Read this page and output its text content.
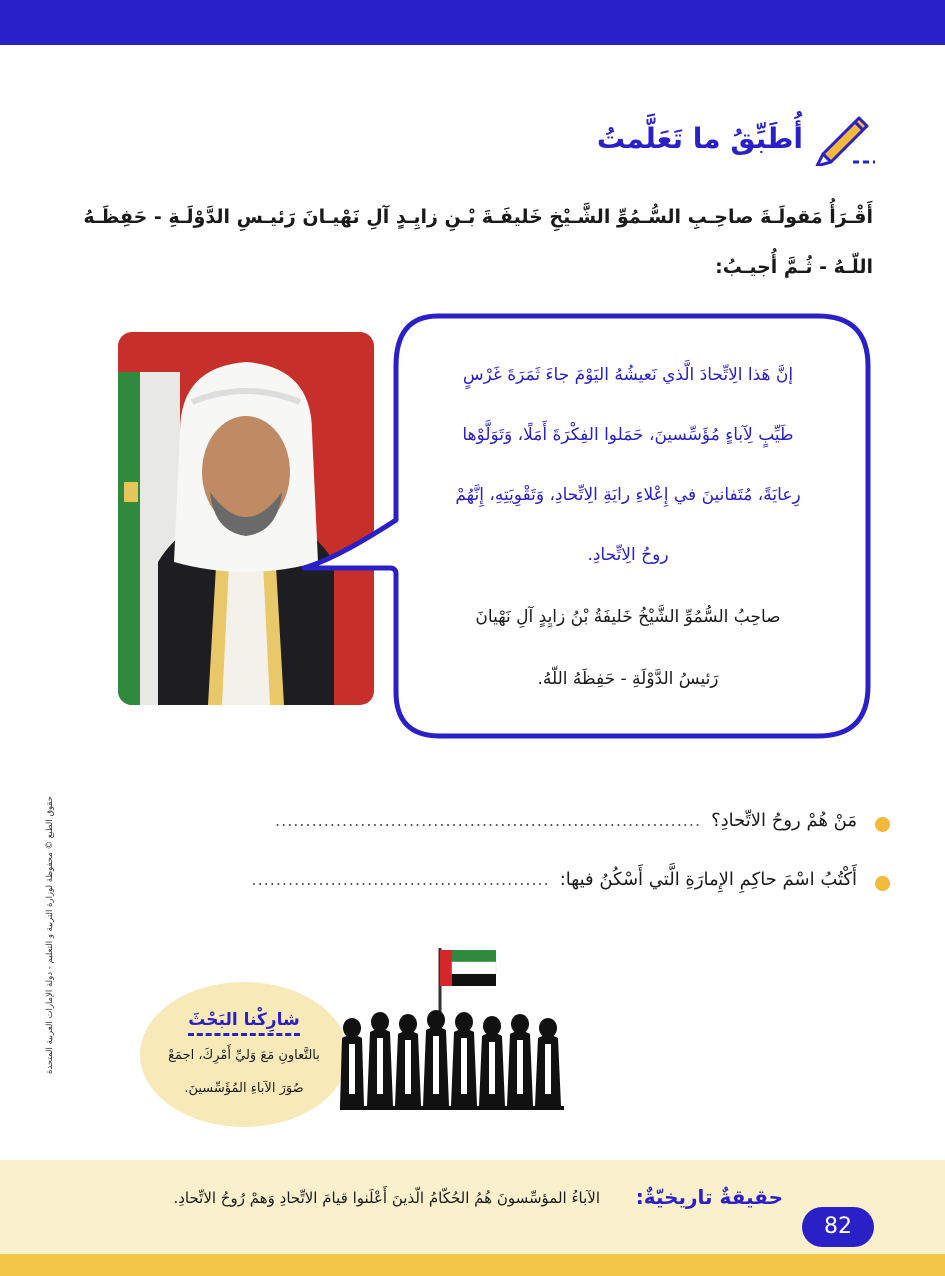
أُطَبِّقُ ما تَعَلَّمتُ
أَقْـرَأُ مَقولَـةَ صاحِـبِ السُّـمُوِّ الشَّـيْخِ خَليفَـةَ بْـنِ زايِـدٍ آلِ نَهْيـانَ رَئيـسِ الدَّوْلَـةِ - حَفِظَـهُ اللّـهُ - ثُـمَّ أُجيـبُ:
إنَّ هَذا الِاتِّحادَ الَّذي نَعيشُهُ اليَوْمَ جاءَ ثَمَرَةَ غَرْسٍ
طَيِّبٍ لِآباءٍ مُؤَسِّسينَ، حَمَلوا الفِكْرَةَ أَمَلًا، وَتَوَلَّوْها
رِعايَةً، مُتَفانينَ في إِعْلاءِ رايَةِ الِاتِّحادِ، وَتَقْوِيَتِهِ، إِنَّهُمْ
روحُ الِاتِّحادِ.
صاحِبُ السُّمُوِّ الشَّيْخُ خَليفَةُ بْنُ زايِدٍ آلِ نَهْيانَ
رَئيسُ الدَّوْلَةِ - حَفِظَهُ اللّهُ.
مَنْ هُمْ روحُ الاتِّحادِ؟
......................................................................
أَكْتُبُ اسْمَ حاكِمِ الإِمارَةِ الَّتي أَسْكُنُ فيها:
.................................................
حقوق الطبع © محفوظة لوزارة التربية و التعليم - دولة الإمارات العربية المتحدة	شارِكْنا البَحْثَ
بالتَّعاونِ مَعَ وَليِّ أَمْرِكَ، اجمَعْ
صُوَرَ الآباءِ المُؤَسِّسينَ.
حقيقةٌ تاريخيّةٌ:
الآباءُ المؤسِّسونَ هُمُ الحُكّامُ الّذينَ أَعْلَنوا قيامَ الاتِّحادِ وَهمْ رُوحُ الاتِّحادِ.
82
